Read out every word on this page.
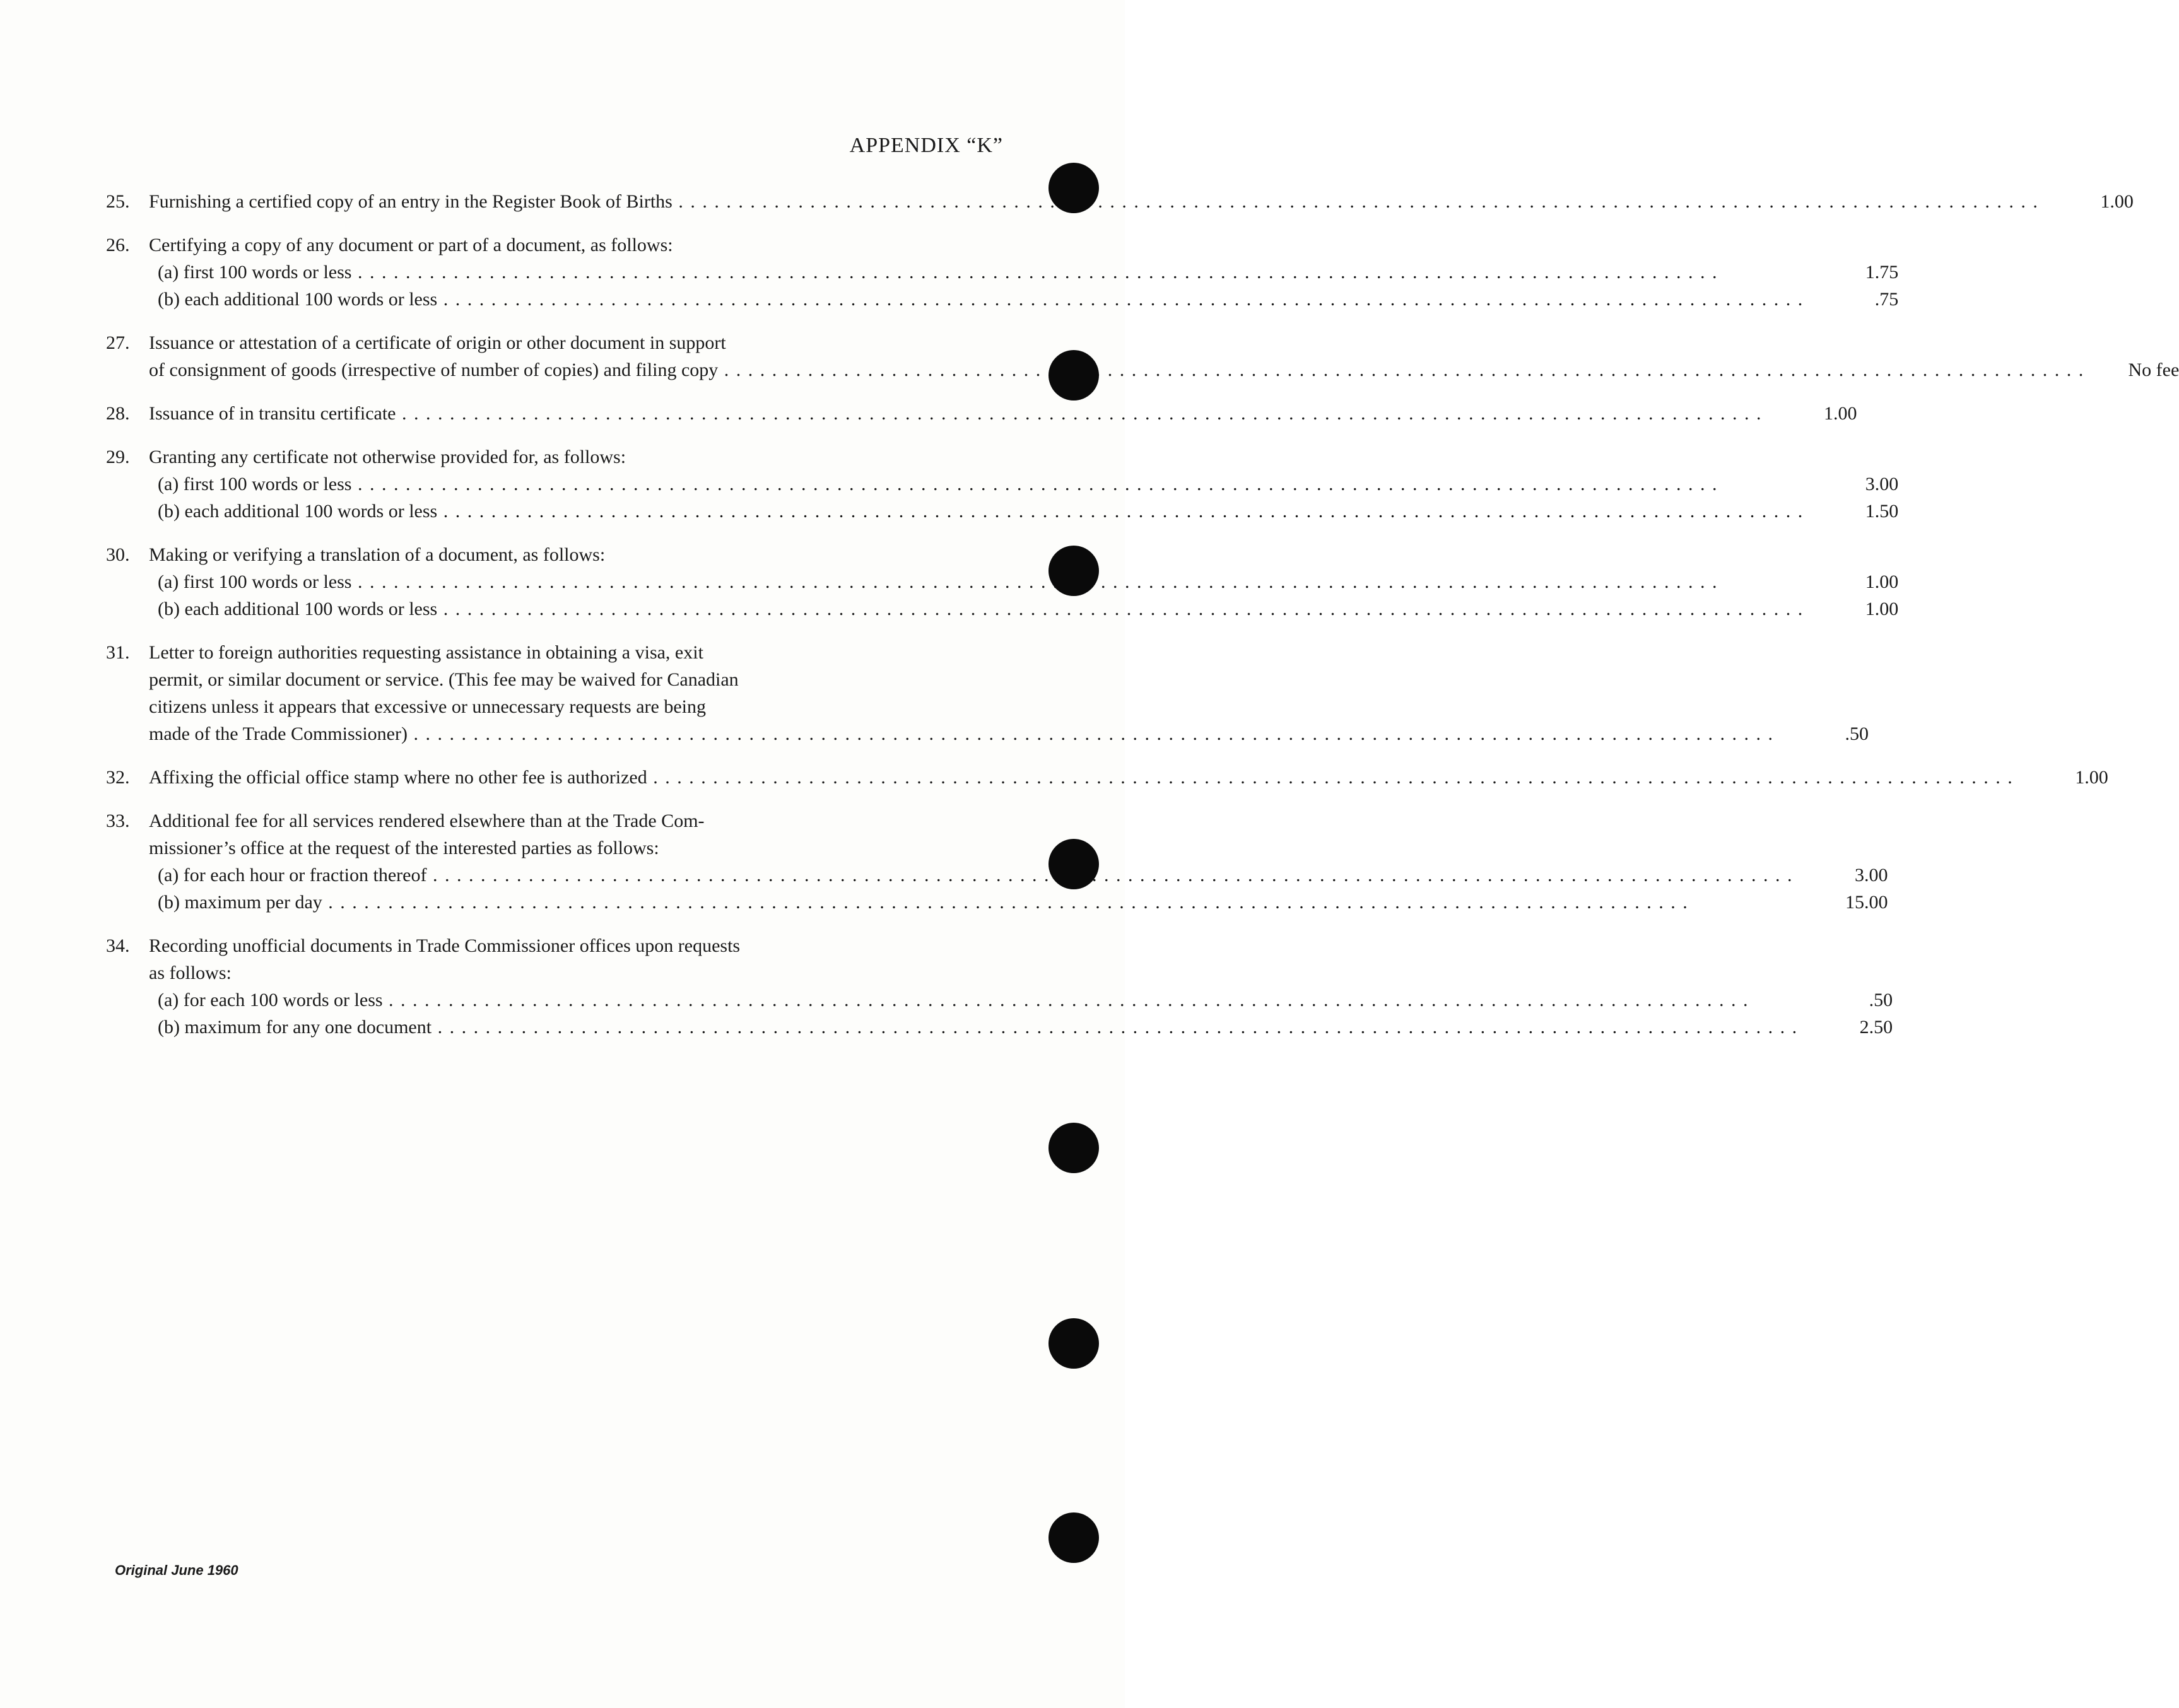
APPENDIX “K”
25.	Furnishing a certified copy of an entry in the Register Book of Births . . .	1.00
26.	Certifying a copy of any document or part of a document, as follows:
(a) first 100 words or less . . .	1.75
(b) each additional 100 words or less . . .	.75
27.	Issuance or attestation of a certificate of origin or other document in support
of consignment of goods (irrespective of number of copies) and filing copy . . .	No fee
28.	Issuance of in transitu certificate . . .	1.00
29.	Granting any certificate not otherwise provided for, as follows:
(a) first 100 words or less . . .	3.00
(b) each additional 100 words or less . . .	1.50
30.	Making or verifying a translation of a document, as follows:
(a) first 100 words or less . . .	1.00
(b) each additional 100 words or less . . .	1.00
31.	Letter to foreign authorities requesting assistance in obtaining a visa, exit
permit, or similar document or service. (This fee may be waived for Canadian
citizens unless it appears that excessive or unnecessary requests are being
made of the Trade Commissioner) . . .	.50
32.	Affixing the official office stamp where no other fee is authorized . . .	1.00
33.	Additional fee for all services rendered elsewhere than at the Trade Com-
missioner’s office at the request of the interested parties as follows:
(a) for each hour or fraction thereof . . .	3.00
(b) maximum per day . . .	15.00
34.	Recording unofficial documents in Trade Commissioner offices upon requests
as follows:
(a) for each 100 words or less . . .	.50
(b) maximum for any one document . . .	2.50
Original June 1960
